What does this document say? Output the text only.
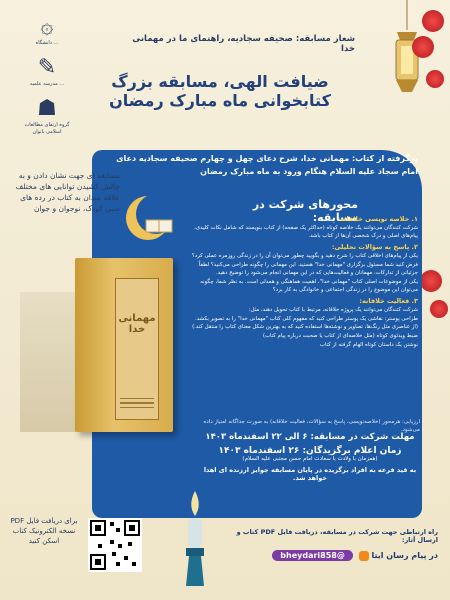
۞
دانشگاه ...
✎
مدرسه علمیه ...
☗
گروه ارتقای مطالعات اسلامی بانوان
شعار مسابقه: صحیفه سجادیه، راهنمای ما در مهمانی خدا
ضیافت الهی، مسابقه بزرگ
کتابخوانی ماه مبارک رمضان
برگرفته از کتاب: مهمانی خدا، شرح دعای چهل و چهارم صحیفه سجادیه دعای امام سجاد علیه السلام هنگام ورود به ماه مبارک رمضان
محورهای شرکت در مسابقه:
۱. خلاصه نویسی خلاقانه:
شرکت کنندگان می‌توانند یک خلاصه کوتاه (حداکثر یک صفحه) از کتاب بنویسند که شامل نکات کلیدی، پیام‌های اصلی و درک شخصی آن‌ها از کتاب باشد.
۲. پاسخ به سؤالات تحلیلی:
یکی از پیام‌های اخلاقی کتاب را شرح دهید و بگویید چطور می‌توان آن را در زندگی روزمره عملی کرد؟
فرض کنید شما مسئول برگزاری "مهمانی خدا" هستید. این مهمانی را چگونه طراحی می‌کنید؟ لطفاً جزئیاتی از تدارکات، مهمانان و فعالیت‌هایی که در این مهمانی انجام می‌شود را توضیح دهید.
یکی از موضوعات اصلی کتاب "مهمانی خدا"، اهمیت هماهنگی و همدلی است. به نظر شما، چگونه می‌توان این موضوع را در زندگی اجتماعی و خانوادگی به کار برد؟
۳. فعالیت خلاقانه:
شرکت کنندگان می‌توانند یک پروژه خلاقانه، مرتبط با کتاب تحویل دهند، مثل:
طراحی پوستر: نقاشی یک پوستر طراحی کنید که مفهوم کلی کتاب "مهمانی خدا" را به تصویر بکشد. (از عناصری مثل رنگ‌ها، تصاویر و نوشته‌ها استفاده کنید که به بهترین شکل معنای کتاب را منتقل کند.)
ضبط ویدئوی کوتاه (مثل خلاصه‌ای از کتاب یا صحبت درباره پیام کتاب)
نوشتن یک داستان کوتاه الهام گرفته از کتاب
ارزیابی: هرمحور (خلاصه‌نویسی، پاسخ به سؤالات، فعالیت خلاقانه) به صورت جداگانه امتیاز داده می‌شود.
مهلت شرکت در مسابقه: ۶ الی ۲۲ اسفندماه ۱۴۰۳
زمان اعلام برگزیدگان: ۲۶ اسفندماه ۱۴۰۳
(همزمان با ولادت با سعادت امام حسن مجتبی علیه السلام)
به قید قرعه به افراد برگزیده در پایان مسابقه جوایز ارزنده ای اهدا خواهد شد.
مسابقه ای جهت نشان دادن و به چالش کشیدن توانایی های مختلف علاقه مندان به کتاب در رده های سنی کودک، نوجوان و جوان
مهمانی خدا
برای دریافت فایل PDF
نسخه الکترونیک کتاب
اسکن کنید
راه ارتباطی جهت شرکت در مسابقه، دریافت فایل PDF کتاب و ارسال آثار:
در پیام رسان ایتا  @bheydari858
